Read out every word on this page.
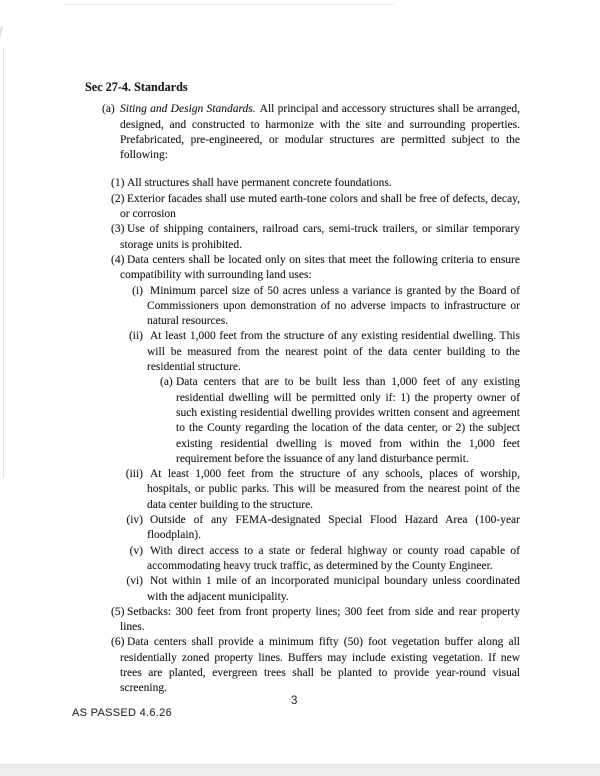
Sec 27-4. Standards
(a) Siting and Design Standards. All principal and accessory structures shall be arranged, designed, and constructed to harmonize with the site and surrounding properties. Prefabricated, pre-engineered, or modular structures are permitted subject to the following:
(1) All structures shall have permanent concrete foundations.
(2) Exterior facades shall use muted earth-tone colors and shall be free of defects, decay, or corrosion
(3) Use of shipping containers, railroad cars, semi-truck trailers, or similar temporary storage units is prohibited.
(4) Data centers shall be located only on sites that meet the following criteria to ensure compatibility with surrounding land uses:
(i) Minimum parcel size of 50 acres unless a variance is granted by the Board of Commissioners upon demonstration of no adverse impacts to infrastructure or natural resources.
(ii) At least 1,000 feet from the structure of any existing residential dwelling. This will be measured from the nearest point of the data center building to the residential structure.
(a) Data centers that are to be built less than 1,000 feet of any existing residential dwelling will be permitted only if: 1) the property owner of such existing residential dwelling provides written consent and agreement to the County regarding the location of the data center, or 2) the subject existing residential dwelling is moved from within the 1,000 feet requirement before the issuance of any land disturbance permit.
(iii) At least 1,000 feet from the structure of any schools, places of worship, hospitals, or public parks. This will be measured from the nearest point of the data center building to the structure.
(iv) Outside of any FEMA-designated Special Flood Hazard Area (100-year floodplain).
(v) With direct access to a state or federal highway or county road capable of accommodating heavy truck traffic, as determined by the County Engineer.
(vi) Not within 1 mile of an incorporated municipal boundary unless coordinated with the adjacent municipality.
(5) Setbacks: 300 feet from front property lines; 300 feet from side and rear property lines.
(6) Data centers shall provide a minimum fifty (50) foot vegetation buffer along all residentially zoned property lines. Buffers may include existing vegetation. If new trees are planted, evergreen trees shall be planted to provide year-round visual screening.
3
AS PASSED 4.6.26
